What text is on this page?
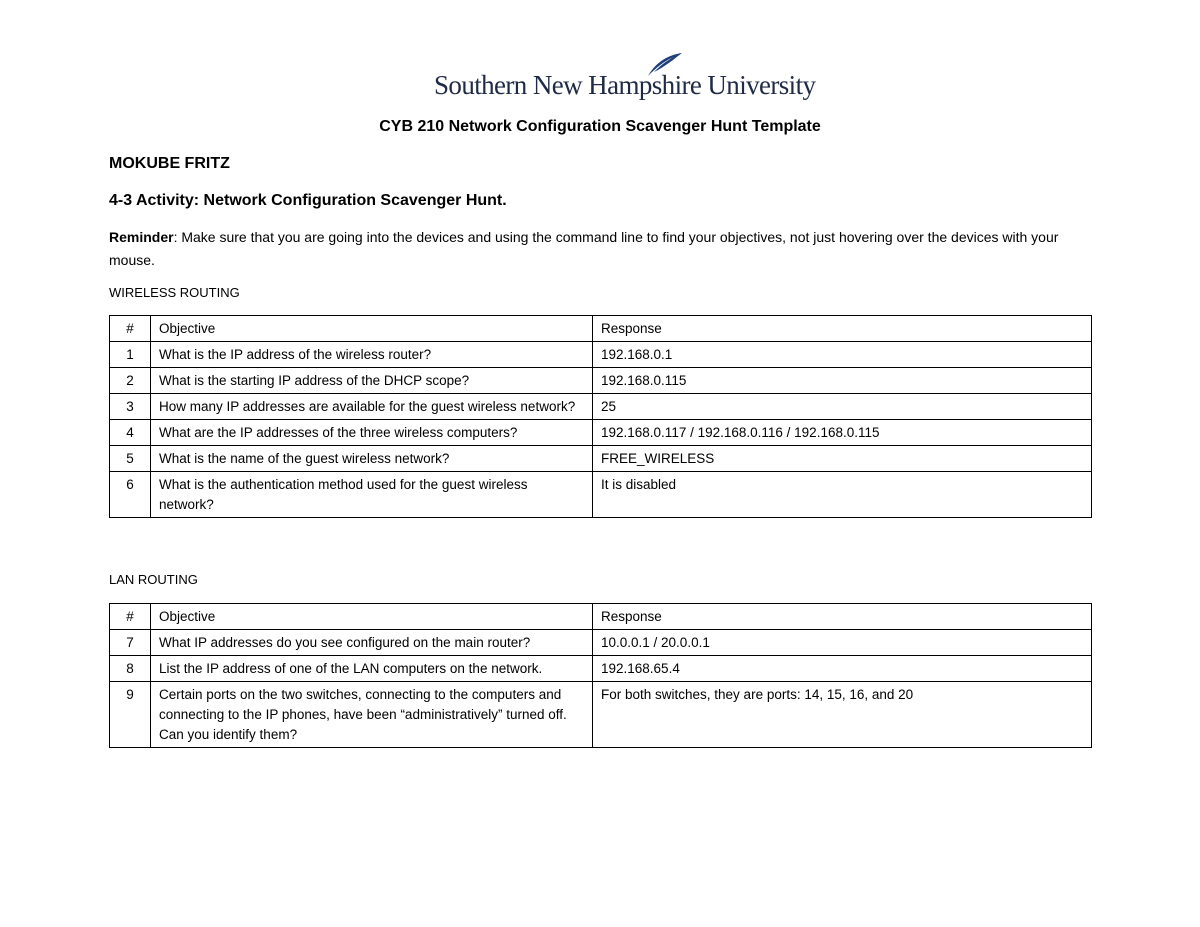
Southern New Hampshire University
CYB 210 Network Configuration Scavenger Hunt Template

MOKUBE FRITZ

4-3 Activity: Network Configuration Scavenger Hunt.

Reminder: Make sure that you are going into the devices and using the command line to find your objectives, not just hovering over the devices with your mouse.

WIRELESS ROUTING

#	Objective	Response
1	What is the IP address of the wireless router?	192.168.0.1
2	What is the starting IP address of the DHCP scope?	192.168.0.115
3	How many IP addresses are available for the guest wireless network?	25
4	What are the IP addresses of the three wireless computers?	192.168.0.117 / 192.168.0.116 / 192.168.0.115
5	What is the name of the guest wireless network?	FREE_WIRELESS
6	What is the authentication method used for the guest wireless network?	It is disabled

LAN ROUTING

#	Objective	Response
7	What IP addresses do you see configured on the main router?	10.0.0.1 / 20.0.0.1
8	List the IP address of one of the LAN computers on the network.	192.168.65.4
9	Certain ports on the two switches, connecting to the computers and connecting to the IP phones, have been “administratively” turned off. Can you identify them?	For both switches, they are ports: 14, 15, 16, and 20
